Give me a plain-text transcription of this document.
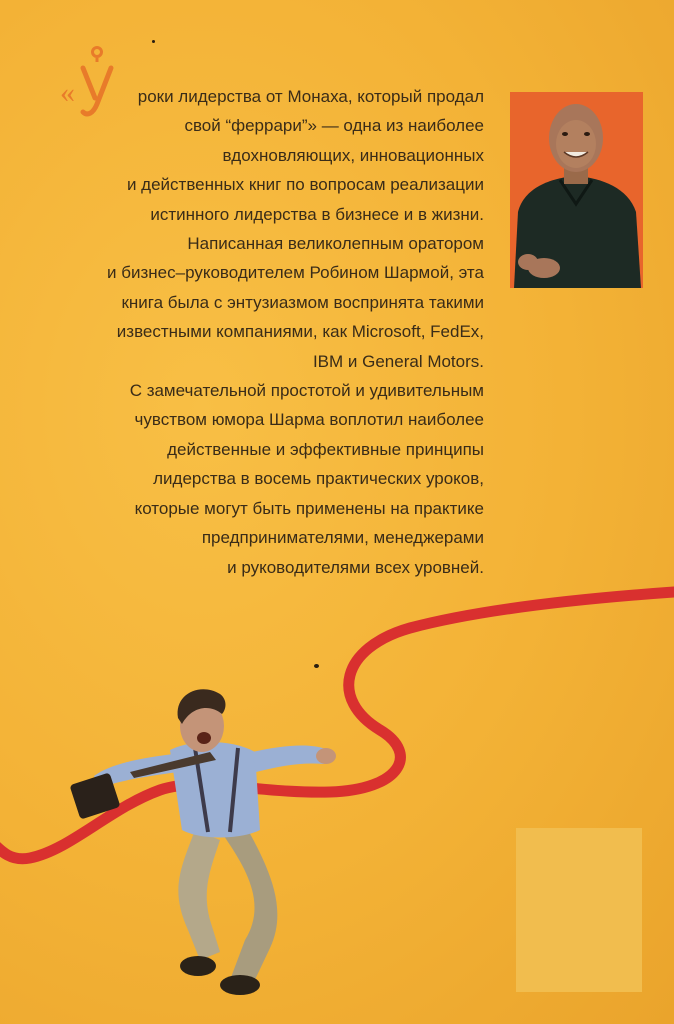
«	роки лидерства от Монаха, который продал

свой “феррари”» — одна из наиболее

вдохновляющих, инновационных

и действенных книг по вопросам реализации

истинного лидерства в бизнесе и в жизни.

Написанная великолепным оратором

и бизнес–руководителем Робином Шармой, эта

книга была с энтузиазмом воспринята такими

известными компаниями, как Microsoft, FedEx,

IBM и General Motors.

С замечательной простотой и удивительным

чувством юмора Шарма воплотил наиболее

действенные и эффективные принципы

лидерства в восемь практических уроков,

которые могут быть применены на практике

предпринимателями, менеджерами

и руководителями всех уровней.
